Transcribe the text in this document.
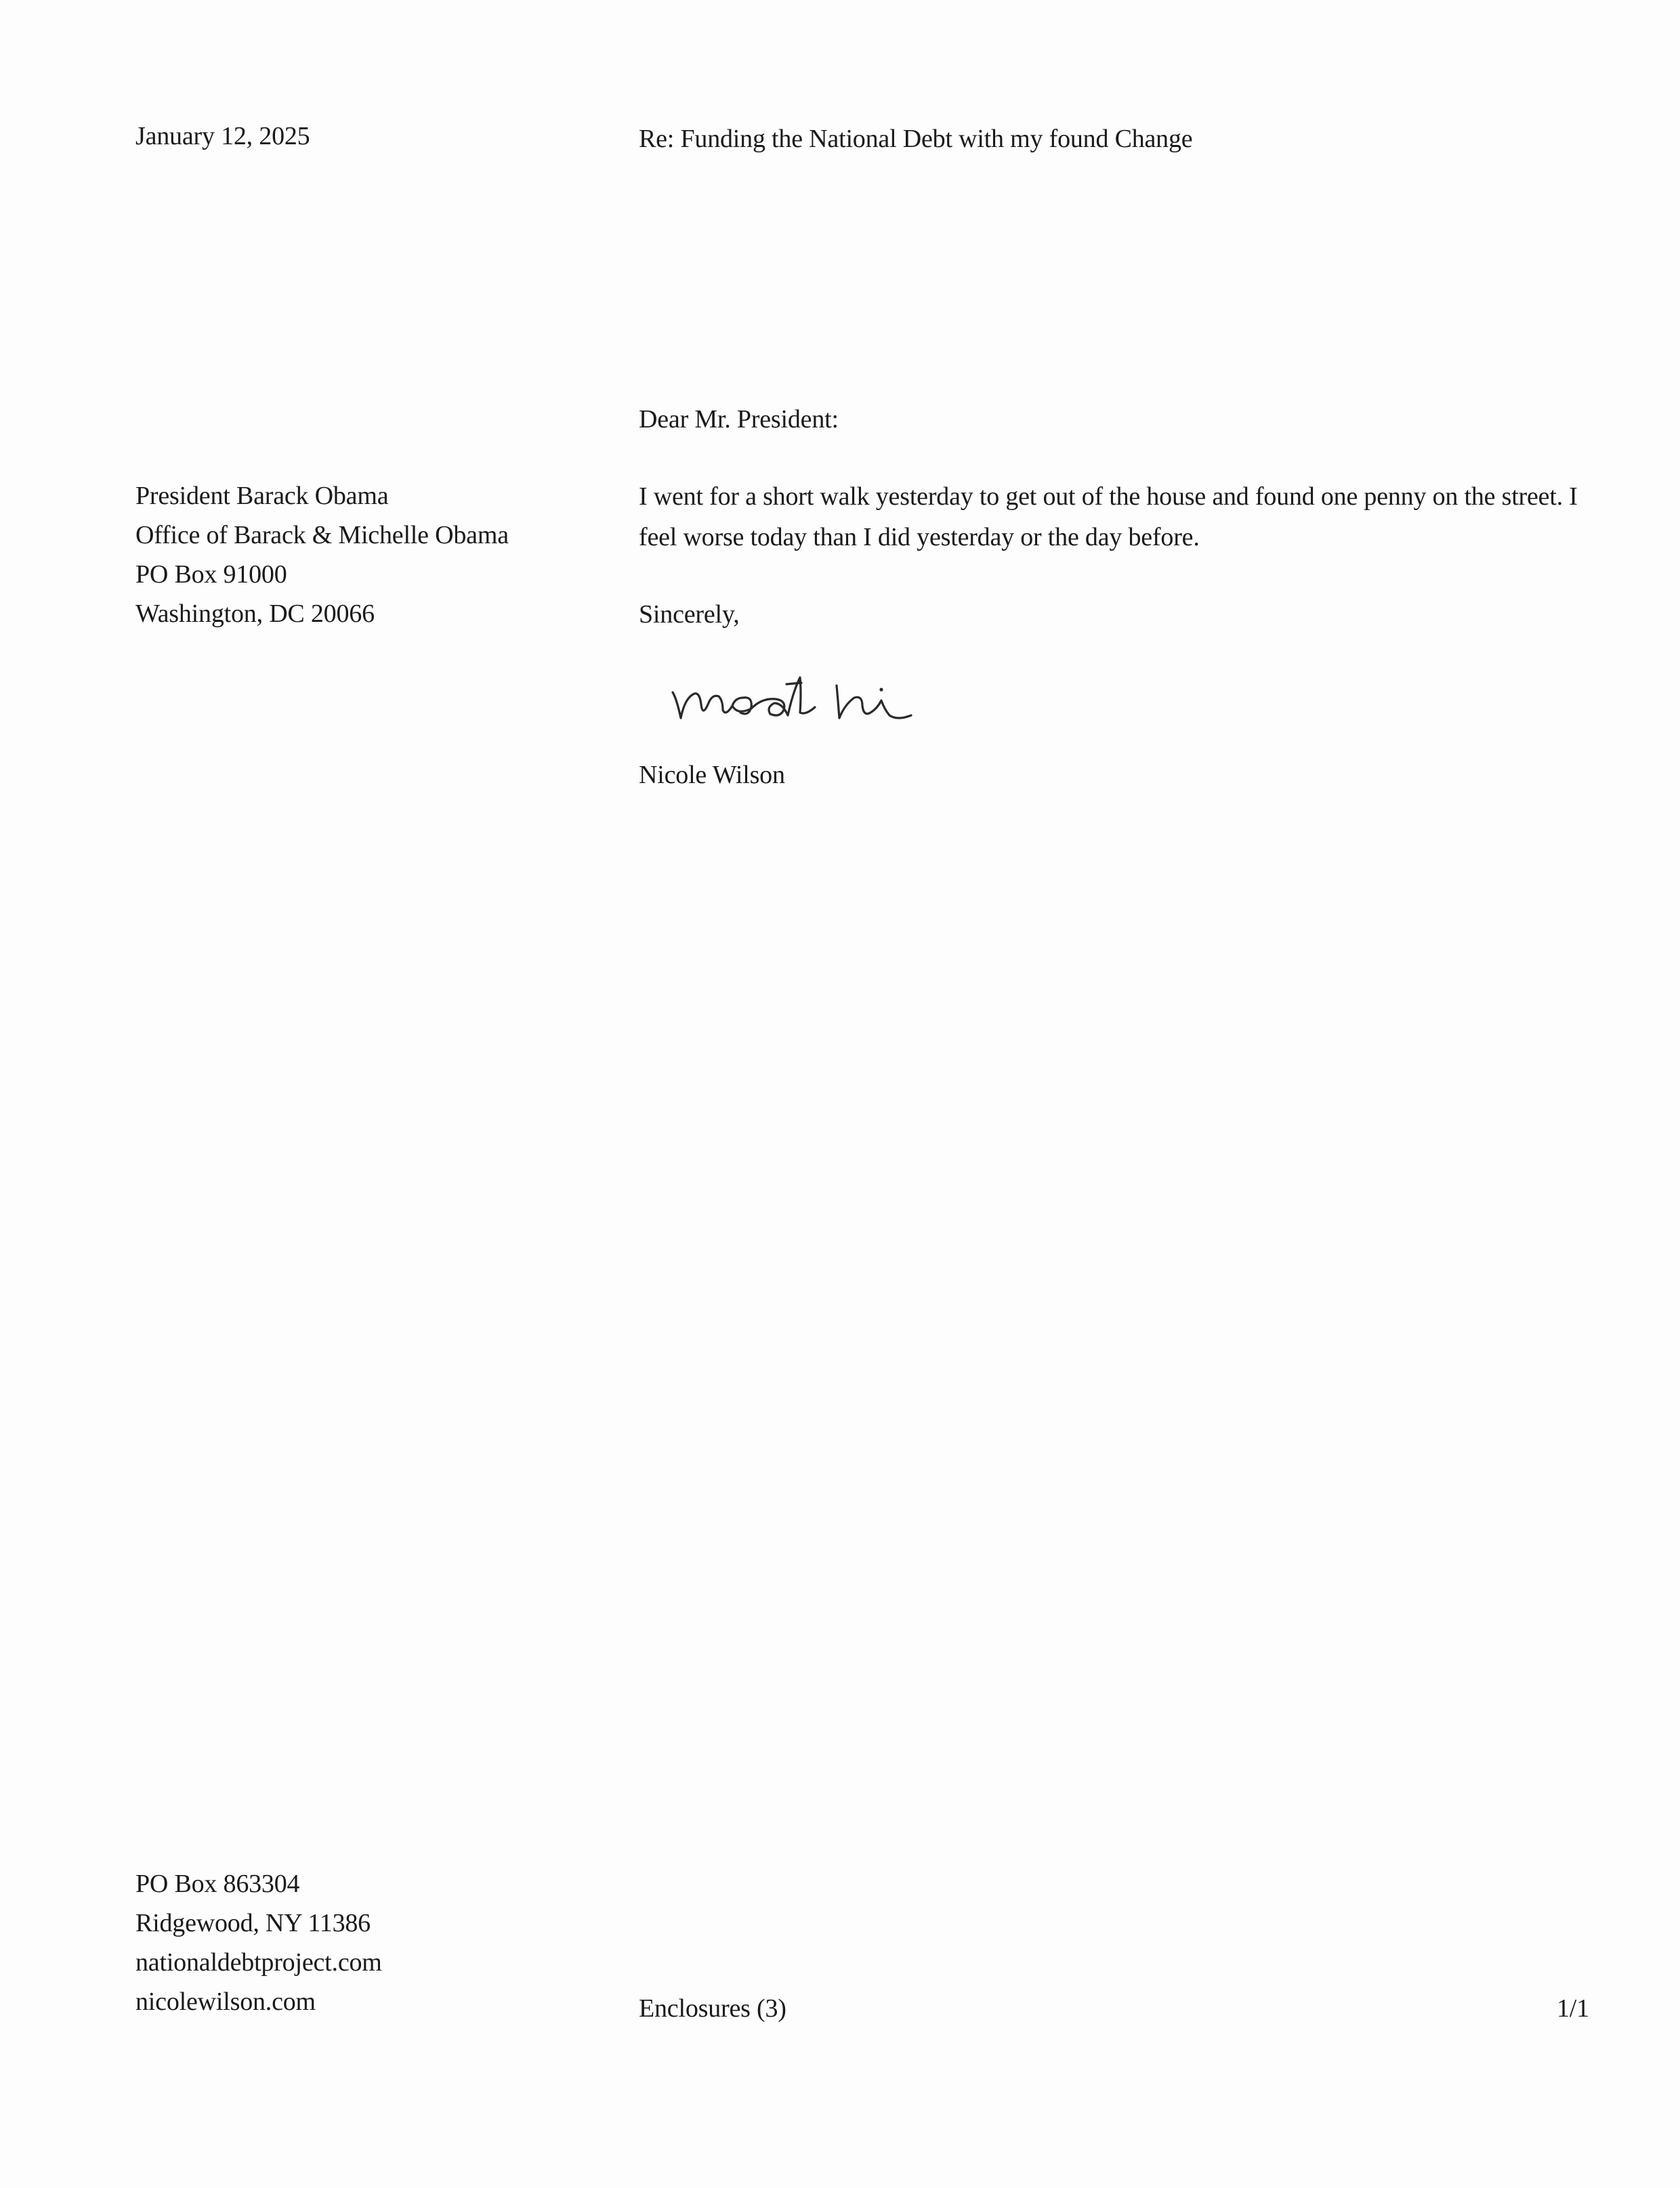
January 12, 2025	Re: Funding the National Debt with my found Change
Dear Mr. President:
President Barack Obama
Office of Barack & Michelle Obama
PO Box 91000
Washington, DC 20066
I went for a short walk yesterday to get out of the house and found one penny on the street. I feel worse today than I did yesterday or the day before.
Sincerely,
Nicole Wilson
PO Box 863304
Ridgewood, NY 11386
nationaldebtproject.com
nicolewilson.com	Enclosures (3)	1/1
